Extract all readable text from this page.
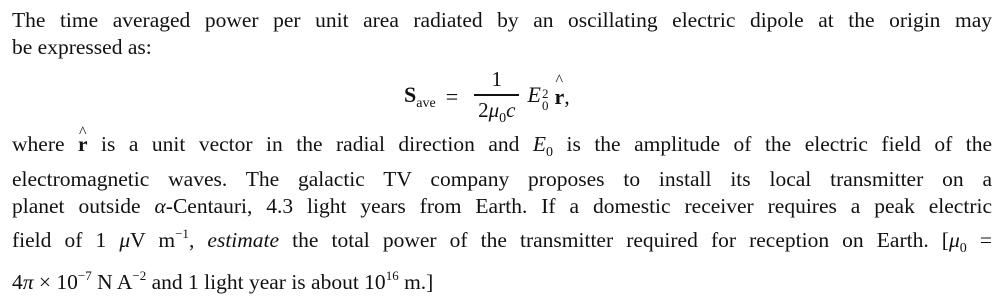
The time averaged power per unit area radiated by an oscillating electric dipole at the origin may
be expressed as:

$S_{ave} = \frac{1}{2\mu_0c}$ E 2
0
^ r ,

where ^ r is a unit vector in the radial direction and $E_0$ is the amplitude of the electric field of the
electromagnetic waves. The galactic TV company proposes to install its local transmitter on a
planet outside α-Centauri, 4.3 light years from Earth. If a domestic receiver requires a peak electric
field of 1 μV $m^{-1}$, estimate the total power of the transmitter required for reception on Earth. [$\mu_0$ =
$4\pi \times 10^{-7}$ N $A^{-2}$ and 1 light year is about $10^{16}$ m.]
